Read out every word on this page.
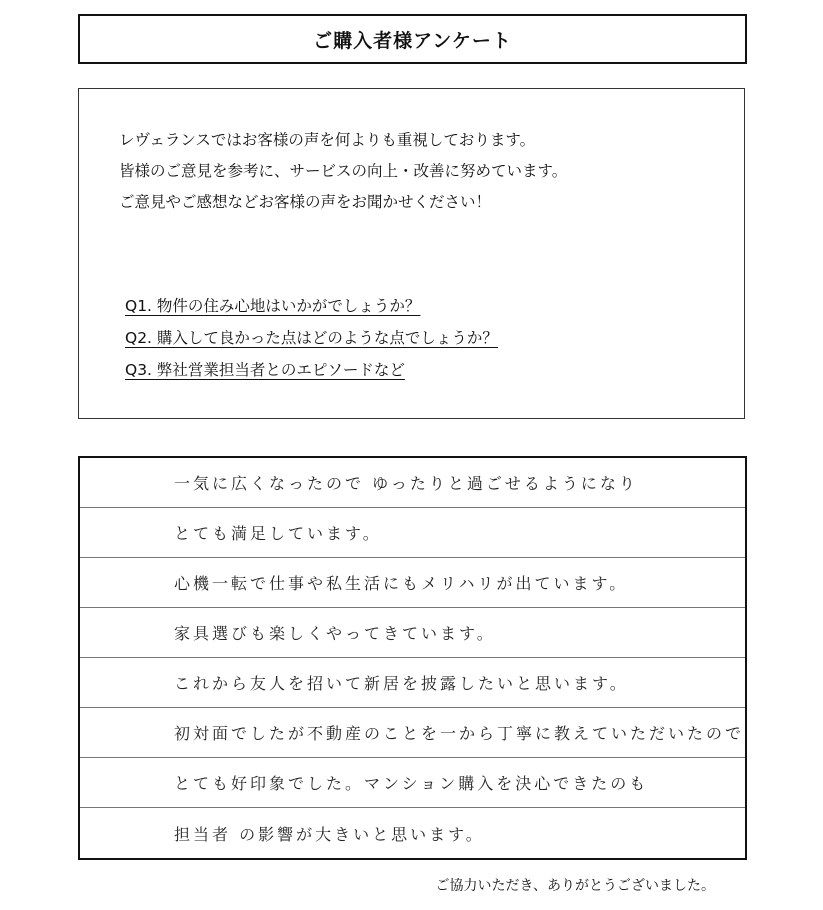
ご購入者様アンケート
レヴェランスではお客様の声を何よりも重視しております。
皆様のご意見を参考に、サービスの向上・改善に努めています。
ご意見やご感想などお客様の声をお聞かせください！
Q1. 物件の住み心地はいかがでしょうか？
Q2. 購入して良かった点はどのような点でしょうか？
Q3. 弊社営業担当者とのエピソードなど
一気に広くなったので ゆったりと過ごせるようになり
とても満足しています。
心機一転で仕事や私生活にもメリハリが出ています。
家具選びも楽しくやってきています。
これから友人を招いて新居を披露したいと思います。
初対面でしたが不動産のことを一から丁寧に教えていただいたので
とても好印象でした。マンション購入を決心できたのも
担当者 の影響が大きいと思います。
ご協力いただき、ありがとうございました。
